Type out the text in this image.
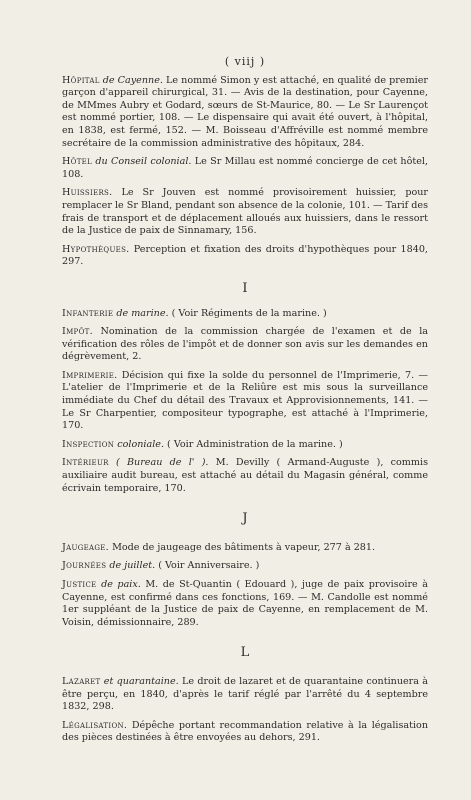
( viij )

Hôpital de Cayenne. Le nommé Simon y est attaché, en qualité de premier garçon d'appareil chirurgical, 31. — Avis de la destination, pour Cayenne, de MMmes Aubry et Godard, sœurs de St-Maurice, 80. — Le Sr Laurençot est nommé portier, 108. — Le dispensaire qui avait été ouvert, à l'hôpital, en 1838, est fermé, 152. — M. Boisseau d'Affréville est nommé membre secrétaire de la commission administrative des hôpitaux, 284.

Hôtel du Conseil colonial. Le Sr Millau est nommé concierge de cet hôtel, 108.

Huissiers. Le Sr Jouven est nommé provisoirement huissier, pour remplacer le Sr Bland, pendant son absence de la colonie, 101. — Tarif des frais de transport et de déplacement alloués aux huissiers, dans le ressort de la Justice de paix de Sinnamary, 156.

Hypothèques. Perception et fixation des droits d'hypothèques pour 1840, 297.

I

Infanterie de marine. ( Voir Régiments de la marine. )

Impôt. Nomination de la commission chargée de l'examen et de la vérification des rôles de l'impôt et de donner son avis sur les demandes en dégrèvement, 2.

Imprimerie. Décision qui fixe la solde du personnel de l'Imprimerie, 7. — L'atelier de l'Imprimerie et de la Reliûre est mis sous la surveillance immédiate du Chef du détail des Travaux et Approvisionnements, 141. — Le Sr Charpentier, compositeur typographe, est attaché à l'Imprimerie, 170.

Inspection coloniale. ( Voir Administration de la marine. )

Intérieur ( Bureau de l' ). M. Devilly ( Armand-Auguste ), commis auxiliaire audit bureau, est attaché au détail du Magasin général, comme écrivain temporaire, 170.

J

Jaugeage. Mode de jaugeage des bâtiments à vapeur, 277 à 281.

Journées de juillet. ( Voir Anniversaire. )

Justice de paix. M. de St-Quantin ( Edouard ), juge de paix provisoire à Cayenne, est confirmé dans ces fonctions, 169. — M. Candolle est nommé 1er suppléant de la Justice de paix de Cayenne, en remplacement de M. Voisin, démissionnaire, 289.

L

Lazaret et quarantaine. Le droit de lazaret et de quarantaine continuera à être perçu, en 1840, d'après le tarif réglé par l'arrêté du 4 septembre 1832, 298.

Légalisation. Dépêche portant recommandation relative à la légalisation des pièces destinées à être envoyées au dehors, 291.
